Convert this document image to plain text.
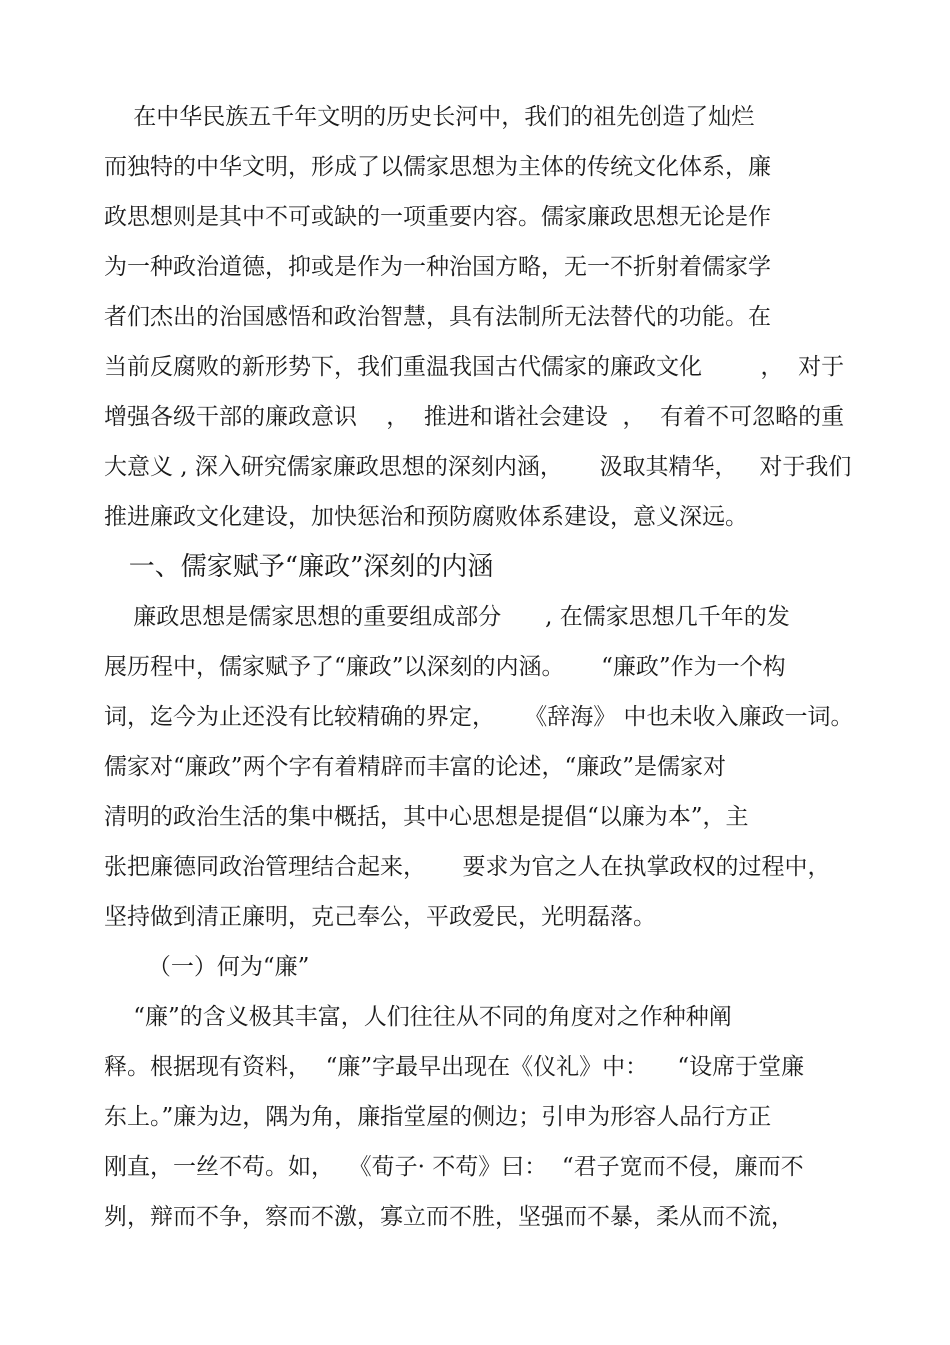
在中华民族五千年文明的历史长河中，我们的祖先创造了灿烂
而独特的中华文明，形成了以儒家思想为主体的传统文化体系，廉
政思想则是其中不可或缺的一项重要内容。儒家廉政思想无论是作
为一种政治道德，抑或是作为一种治国方略，无一不折射着儒家学
者们杰出的治国感悟和政治智慧，具有法制所无法替代的功能。在
当前反腐败的新形势下，我们重温我国古代儒家的廉政文化        ，  对于
增强各级干部的廉政意识    ，  推进和谐社会建设  ，  有着不可忽略的重
大意义 , 深入研究儒家廉政思想的深刻内涵，     汲取其精华，   对于我们
推进廉政文化建设，加快惩治和预防腐败体系建设，意义深远。
一、儒家赋予“廉政”深刻的内涵
廉政思想是儒家思想的重要组成部分      , 在儒家思想几千年的发
展历程中，儒家赋予了“廉政”以深刻的内涵。     “廉政”作为一个构
词，迄今为止还没有比较精确的界定，    《辞海》 中也未收入廉政一词。
儒家对“廉政”两个字有着精辟而丰富的论述，“廉政”是儒家对
清明的政治生活的集中概括，其中心思想是提倡“以廉为本”，主
张把廉德同政治管理结合起来，     要求为官之人在执掌政权的过程中，
坚持做到清正廉明，克己奉公，平政爱民，光明磊落。
（一）何为“廉”
“廉”的含义极其丰富，人们往往从不同的角度对之作种种阐
释。根据现有资料，  “廉”字最早出现在《仪礼》中：    “设席于堂廉
东上。”廉为边，隅为角，廉指堂屋的侧边；引申为形容人品行方正
刚直，一丝不苟。如，  《荀子· 不苟》曰：  “君子宽而不侵，廉而不
刿，辩而不争，察而不激，寡立而不胜，坚强而不暴，柔从而不流，
